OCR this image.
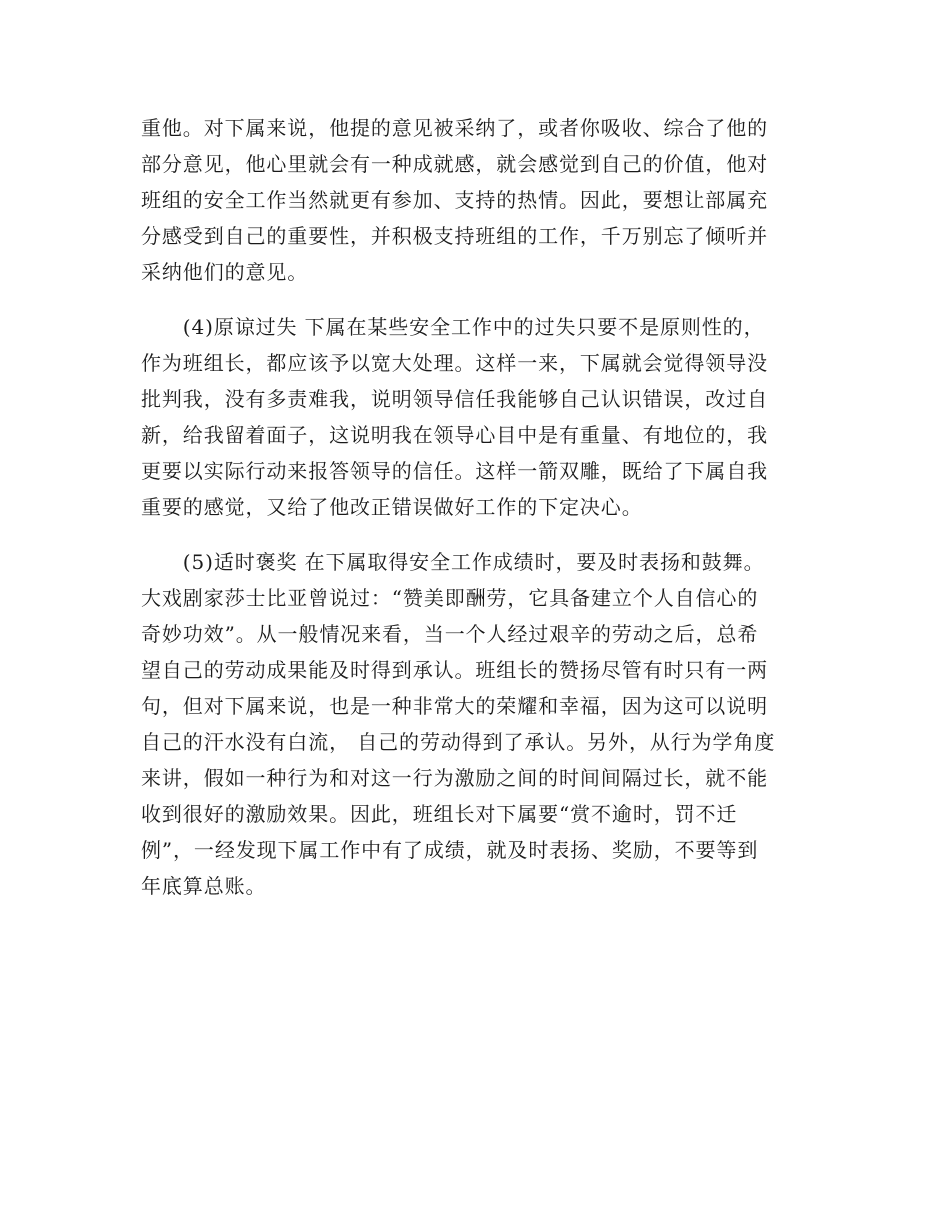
重他。对下属来说，他提的意见被采纳了，或者你吸收、综合了他的
部分意见，他心里就会有一种成就感，就会感觉到自己的价值，他对
班组的安全工作当然就更有参加、支持的热情。因此，要想让部属充
分感受到自己的重要性，并积极支持班组的工作，千万别忘了倾听并
采纳他们的意见。
　　(4)原谅过失 下属在某些安全工作中的过失只要不是原则性的，
作为班组长，都应该予以宽大处理。这样一来，下属就会觉得领导没
批判我，没有多责难我，说明领导信任我能够自己认识错误，改过自
新，给我留着面子，这说明我在领导心目中是有重量、有地位的，我
更要以实际行动来报答领导的信任。这样一箭双雕，既给了下属自我
重要的感觉，又给了他改正错误做好工作的下定决心。
　　(5)适时褒奖 在下属取得安全工作成绩时，要及时表扬和鼓舞。
大戏剧家莎士比亚曾说过：“赞美即酬劳，它具备建立个人自信心的
奇妙功效”。从一般情况来看，当一个人经过艰辛的劳动之后，总希
望自己的劳动成果能及时得到承认。班组长的赞扬尽管有时只有一两
句，但对下属来说，也是一种非常大的荣耀和幸福，因为这可以说明
自己的汗水没有白流， 自己的劳动得到了承认。另外，从行为学角度
来讲，假如一种行为和对这一行为激励之间的时间间隔过长，就不能
收到很好的激励效果。因此，班组长对下属要“赏不逾时，罚不迁
例”，一经发现下属工作中有了成绩，就及时表扬、奖励，不要等到
年底算总账。
